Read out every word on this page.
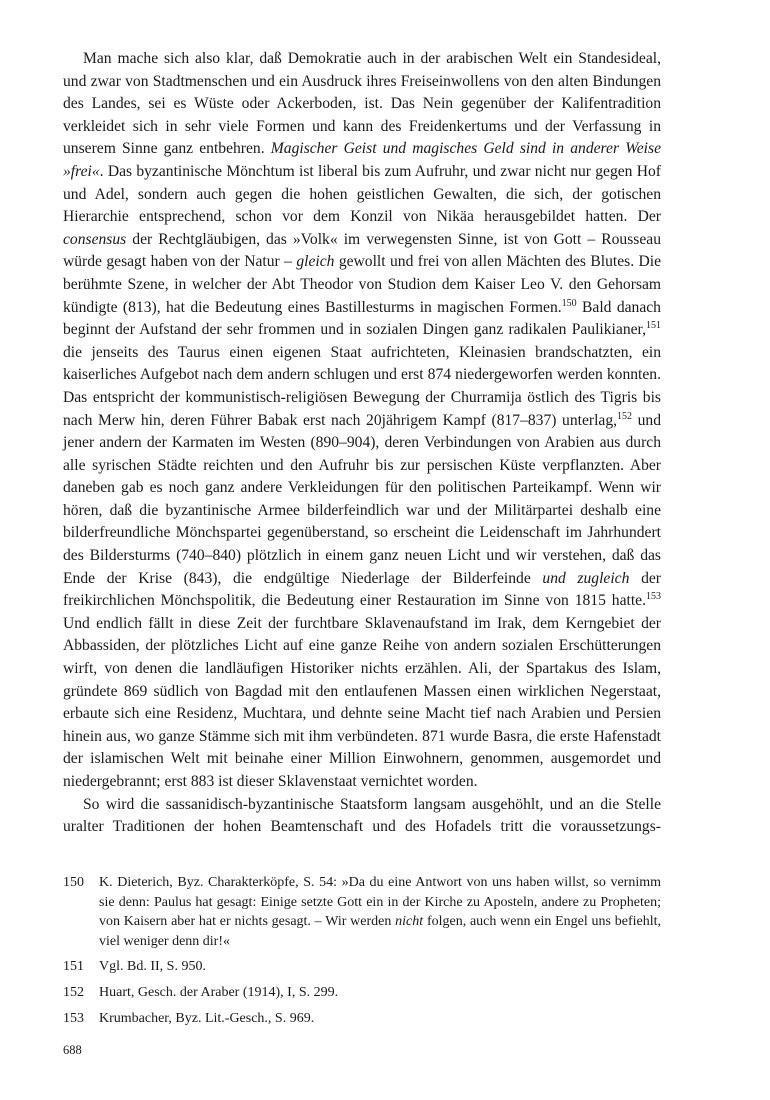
Man mache sich also klar, daß Demokratie auch in der arabischen Welt ein Standesideal, und zwar von Stadtmenschen und ein Ausdruck ihres Freiseinwollens von den alten Bindungen des Landes, sei es Wüste oder Ackerboden, ist. Das Nein gegenüber der Kalifentradition verkleidet sich in sehr viele Formen und kann des Freidenkertums und der Verfassung in unserem Sinne ganz entbehren. Magischer Geist und magisches Geld sind in anderer Weise »frei«. Das byzantinische Mönchtum ist liberal bis zum Aufruhr, und zwar nicht nur gegen Hof und Adel, sondern auch gegen die hohen geistlichen Gewalten, die sich, der gotischen Hierarchie entsprechend, schon vor dem Konzil von Nikäa herausgebildet hatten. Der consensus der Rechtgläubigen, das »Volk« im verwegensten Sinne, ist von Gott – Rousseau würde gesagt haben von der Natur – gleich gewollt und frei von allen Mächten des Blutes. Die berühmte Szene, in welcher der Abt Theodor von Studion dem Kaiser Leo V. den Gehorsam kündigte (813), hat die Bedeutung eines Bastillesturms in magischen Formen.$^{150}$ Bald danach beginnt der Aufstand der sehr frommen und in sozialen Dingen ganz radikalen Paulikianer,$^{151}$ die jenseits des Taurus einen eigenen Staat aufrichteten, Kleinasien brandschatzten, ein kaiserliches Aufgebot nach dem andern schlugen und erst 874 niedergeworfen werden konnten. Das entspricht der kommunistisch-religiösen Bewegung der Churramija östlich des Tigris bis nach Merw hin, deren Führer Babak erst nach 20jährigem Kampf (817–837) unterlag,$^{152}$ und jener andern der Karmaten im Westen (890–904), deren Verbindungen von Arabien aus durch alle syrischen Städte reichten und den Aufruhr bis zur persischen Küste verpflanzten. Aber daneben gab es noch ganz andere Verkleidungen für den politischen Parteikampf. Wenn wir hören, daß die byzantinische Armee bilderfeindlich war und der Militärpartei deshalb eine bilderfreundliche Mönchspartei gegenüberstand, so erscheint die Leidenschaft im Jahrhundert des Bildersturms (740–840) plötzlich in einem ganz neuen Licht und wir verstehen, daß das Ende der Krise (843), die endgültige Niederlage der Bilderfeinde und zugleich der freikirchlichen Mönchspolitik, die Bedeutung einer Restauration im Sinne von 1815 hatte.$^{153}$ Und endlich fällt in diese Zeit der furchtbare Sklavenaufstand im Irak, dem Kerngebiet der Abbassiden, der plötzliches Licht auf eine ganze Reihe von andern sozialen Erschütterungen wirft, von denen die landläufigen Historiker nichts erzählen. Ali, der Spartakus des Islam, gründete 869 südlich von Bagdad mit den entlaufenen Massen einen wirklichen Negerstaat, erbaute sich eine Residenz, Muchtara, und dehnte seine Macht tief nach Arabien und Persien hinein aus, wo ganze Stämme sich mit ihm verbündeten. 871 wurde Basra, die erste Hafenstadt der islamischen Welt mit beinahe einer Million Einwohnern, genommen, ausgemordet und niedergebrannt; erst 883 ist dieser Sklavenstaat vernichtet worden.

So wird die sassanidisch-byzantinische Staatsform langsam ausgehöhlt, und an die Stelle uralter Traditionen der hohen Beamtenschaft und des Hofadels tritt die voraussetzungs-

150 K. Dieterich, Byz. Charakterköpfe, S. 54: »Da du eine Antwort von uns haben willst, so vernimm sie denn: Paulus hat gesagt: Einige setzte Gott ein in der Kirche zu Aposteln, andere zu Propheten; von Kaisern aber hat er nichts gesagt. – Wir werden nicht folgen, auch wenn ein Engel uns befiehlt, viel weniger denn dir!«
151 Vgl. Bd. II, S. 950.
152 Huart, Gesch. der Araber (1914), I, S. 299.
153 Krumbacher, Byz. Lit.-Gesch., S. 969.
688
